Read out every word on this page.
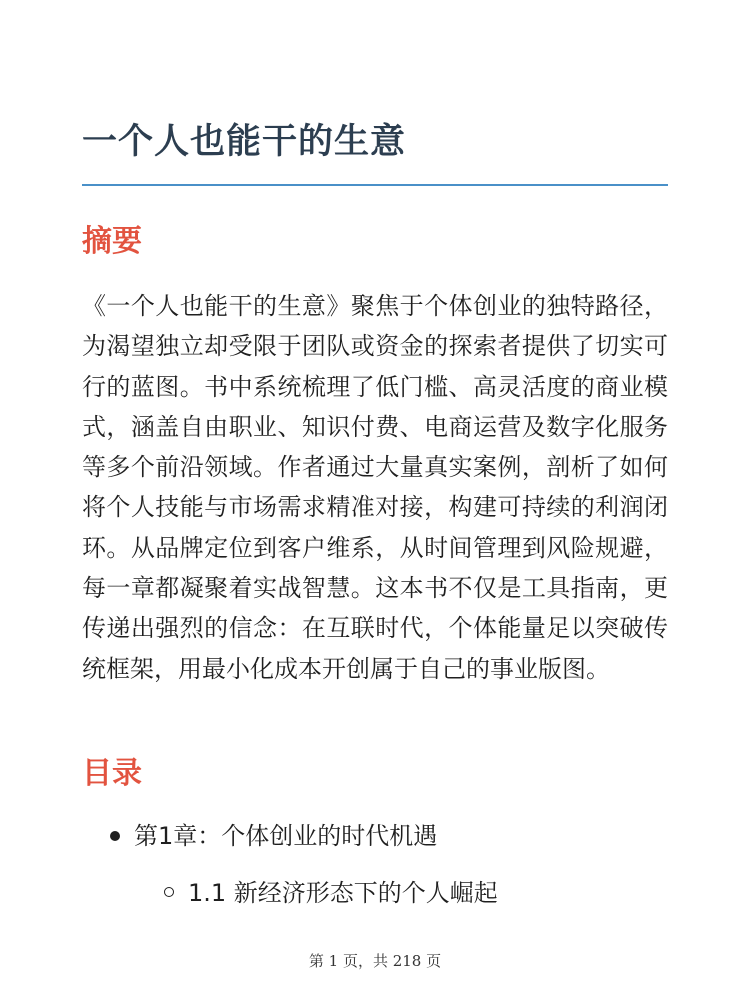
一个人也能干的生意
摘要

《一个人也能干的生意》聚焦于个体创业的独特路径，为渴望独立却受限于团队或资金的探索者提供了切实可行的蓝图。书中系统梳理了低门槛、高灵活度的商业模式，涵盖自由职业、知识付费、电商运营及数字化服务等多个前沿领域。作者通过大量真实案例，剖析了如何将个人技能与市场需求精准对接，构建可持续的利润闭环。从品牌定位到客户维系，从时间管理到风险规避，每一章都凝聚着实战智慧。这本书不仅是工具指南，更传递出强烈的信念：在互联时代，个体能量足以突破传统框架，用最小化成本开创属于自己的事业版图。

目录
第1章：个体创业的时代机遇
1.1 新经济形态下的个人崛起
第 1 页，共 218 页
